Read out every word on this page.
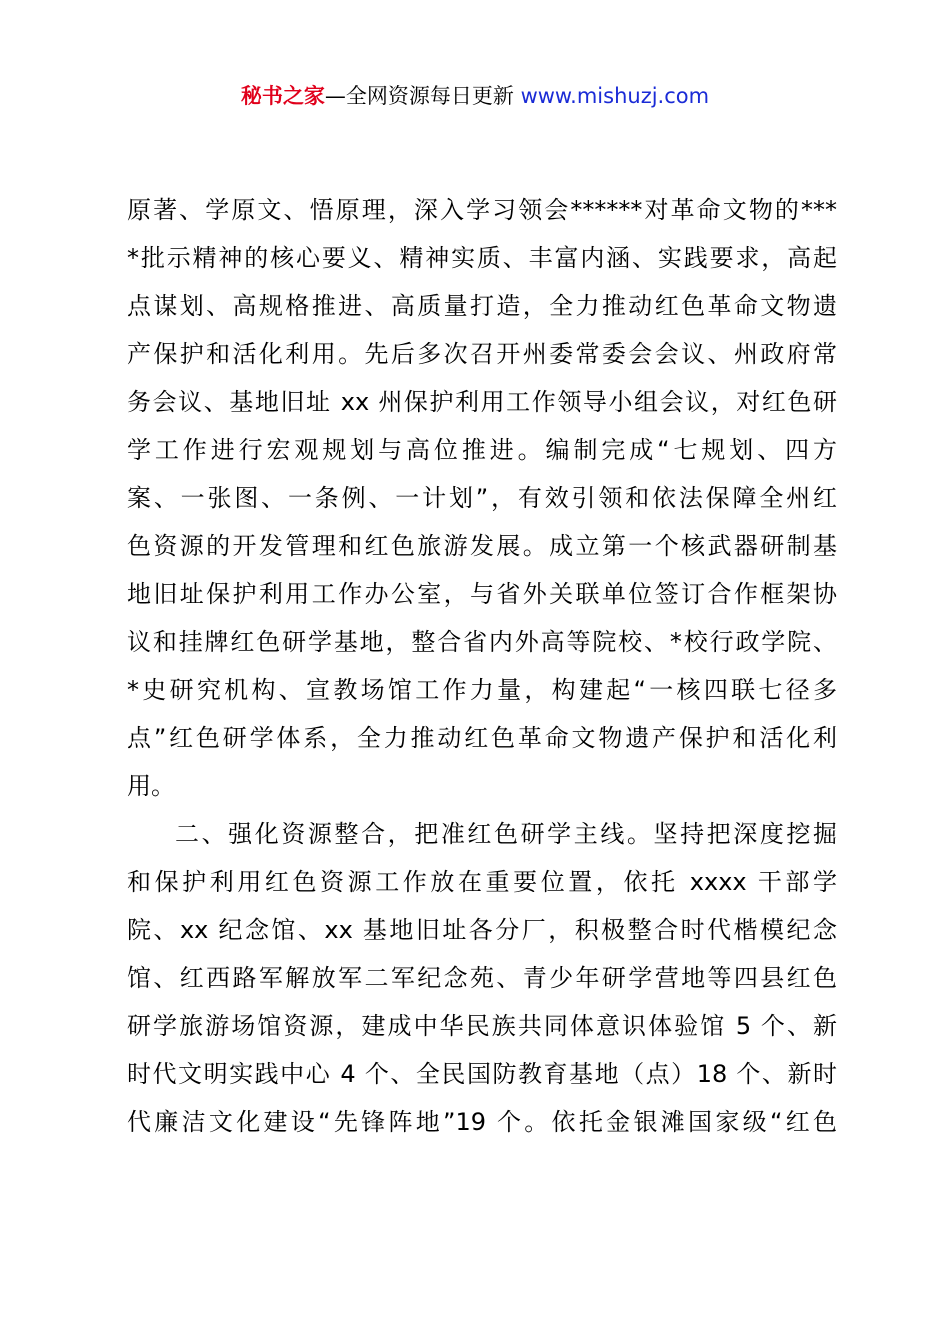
秘书之家—全网资源每日更新 www.mishuzj.com
原著、学原文、悟原理，深入学习领会******对革命文物的***
*批示精神的核心要义、精神实质、丰富内涵、实践要求，高起
点谋划、高规格推进、高质量打造，全力推动红色革命文物遗
产保护和活化利用。先后多次召开州委常委会会议、州政府常
务会议、基地旧址 xx 州保护利用工作领导小组会议，对红色研
学工作进行宏观规划与高位推进。编制完成“七规划、四方
案、一张图、一条例、一计划”，有效引领和依法保障全州红
色资源的开发管理和红色旅游发展。成立第一个核武器研制基
地旧址保护利用工作办公室，与省外关联单位签订合作框架协
议和挂牌红色研学基地，整合省内外高等院校、*校行政学院、
*史研究机构、宣教场馆工作力量，构建起“一核四联七径多
点”红色研学体系，全力推动红色革命文物遗产保护和活化利
用。
二、强化资源整合，把准红色研学主线。坚持把深度挖掘
和保护利用红色资源工作放在重要位置，依托 xxxx 干部学
院、xx 纪念馆、xx 基地旧址各分厂，积极整合时代楷模纪念
馆、红西路军解放军二军纪念苑、青少年研学营地等四县红色
研学旅游场馆资源，建成中华民族共同体意识体验馆 5 个、新
时代文明实践中心 4 个、全民国防教育基地（点）18 个、新时
代廉洁文化建设“先锋阵地”19 个。依托金银滩国家级“红色
